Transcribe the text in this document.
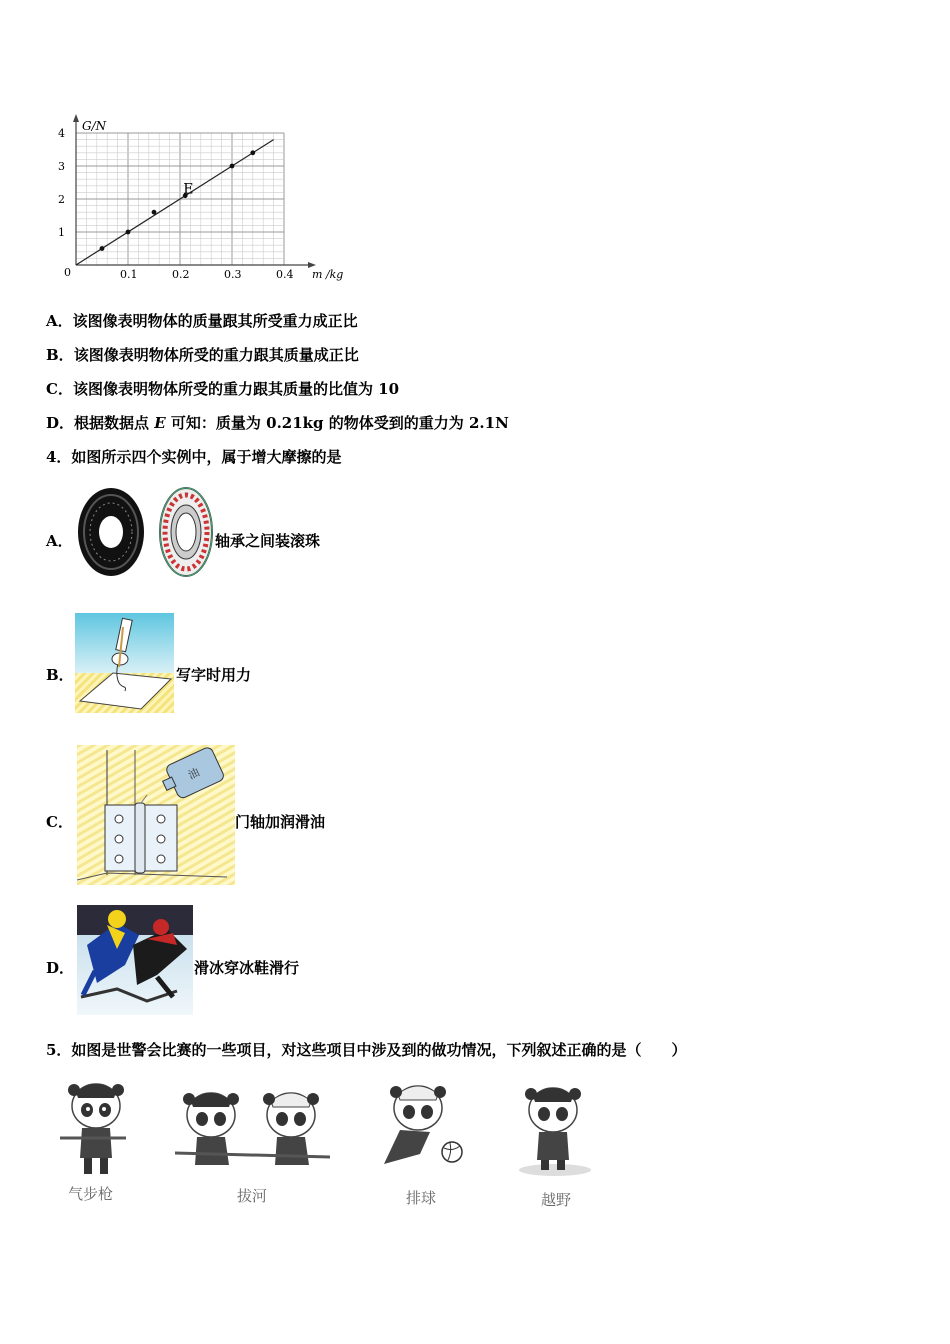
G/N
m /kg
0	0.1	0.2	0.3	0.4
1
2
3
4
E
A．该图像表明物体的质量跟其所受重力成正比
B．该图像表明物体所受的重力跟其质量成正比
C．该图像表明物体所受的重力跟其质量的比值为 10
D．根据数据点 E 可知：质量为 0.21kg 的物体受到的重力为 2.1N
4．如图所示四个实例中，属于增大摩擦的是
A．	轴承之间装滚珠
B．	写字时用力
C．
油
门轴加润滑油
D．	滑冰穿冰鞋滑行
5．如图是世警会比赛的一些项目，对这些项目中涉及到的做功情况，下列叙述正确的是（　　）
气步枪	拔河	排球	越野
